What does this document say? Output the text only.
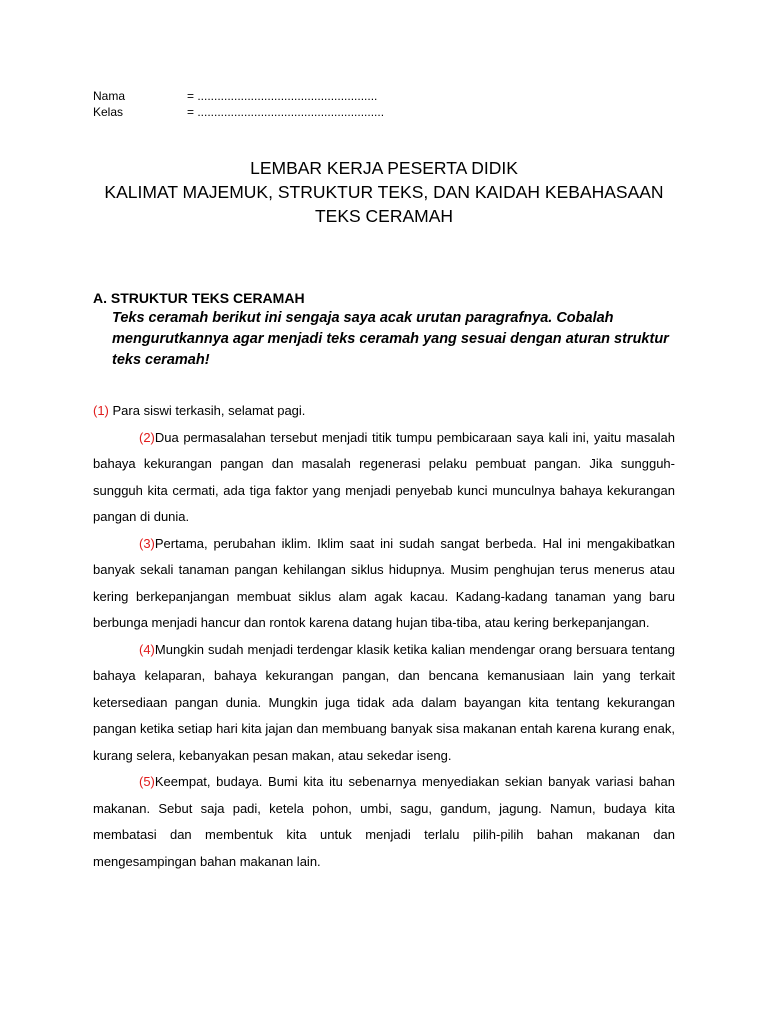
Nama	= ......................................................
Kelas	= ........................................................
LEMBAR KERJA PESERTA DIDIK
KALIMAT MAJEMUK, STRUKTUR TEKS, DAN KAIDAH KEBAHASAAN
TEKS CERAMAH
A. STRUKTUR TEKS CERAMAH
Teks ceramah berikut ini sengaja saya acak urutan paragrafnya. Cobalah mengurutkannya agar menjadi teks ceramah yang sesuai dengan aturan struktur teks ceramah!

(1) Para siswi terkasih, selamat pagi.

(2)Dua permasalahan tersebut menjadi titik tumpu pembicaraan saya kali ini, yaitu masalah bahaya kekurangan pangan dan masalah regenerasi pelaku pembuat pangan. Jika sungguh-sungguh kita cermati, ada tiga faktor yang menjadi penyebab kunci munculnya bahaya kekurangan pangan di dunia.

(3)Pertama, perubahan iklim. Iklim saat ini sudah sangat berbeda. Hal ini mengakibatkan banyak sekali tanaman pangan kehilangan siklus hidupnya. Musim penghujan terus menerus atau kering berkepanjangan membuat siklus alam agak kacau. Kadang-kadang tanaman yang baru berbunga menjadi hancur dan rontok karena datang hujan tiba-tiba, atau kering berkepanjangan.

(4)Mungkin sudah menjadi terdengar klasik ketika kalian mendengar orang bersuara tentang bahaya kelaparan, bahaya kekurangan pangan, dan bencana kemanusiaan lain yang terkait ketersediaan pangan dunia. Mungkin juga tidak ada dalam bayangan kita tentang kekurangan pangan ketika setiap hari kita jajan dan membuang banyak sisa makanan entah karena kurang enak, kurang selera, kebanyakan pesan makan, atau sekedar iseng.

(5)Keempat, budaya. Bumi kita itu sebenarnya menyediakan sekian banyak variasi bahan makanan. Sebut saja padi, ketela pohon, umbi, sagu, gandum, jagung. Namun, budaya kita membatasi dan membentuk kita untuk menjadi terlalu pilih-pilih bahan makanan dan mengesampingan bahan makanan lain.
